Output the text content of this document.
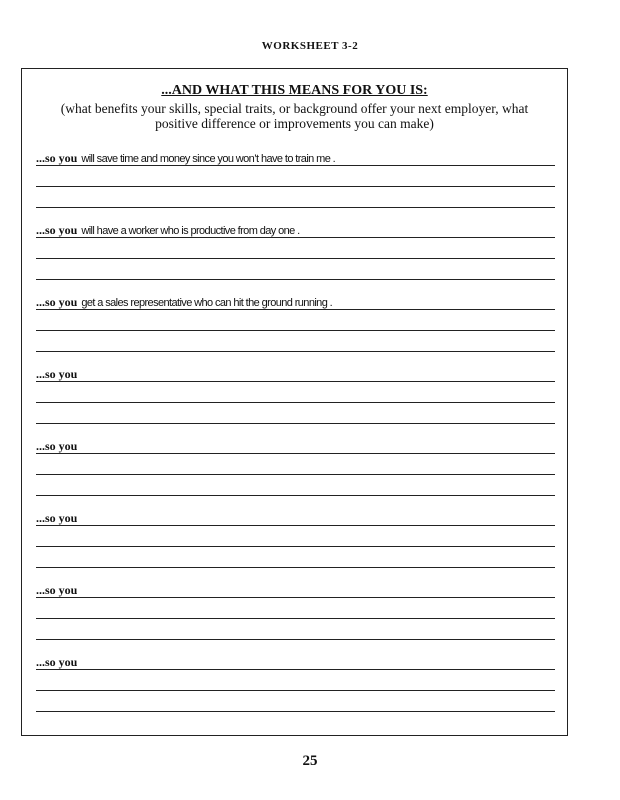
WORKSHEET 3-2
...AND WHAT THIS MEANS FOR YOU IS:
(what benefits your skills, special traits, or background offer your next employer, what positive difference or improvements you can make)
...so you will save time and money since you won’t have to train me .
...so you will have a worker who is productive from day one .
...so you get a sales representative who can hit the ground running .
...so you
...so you
...so you
...so you
...so you
25
